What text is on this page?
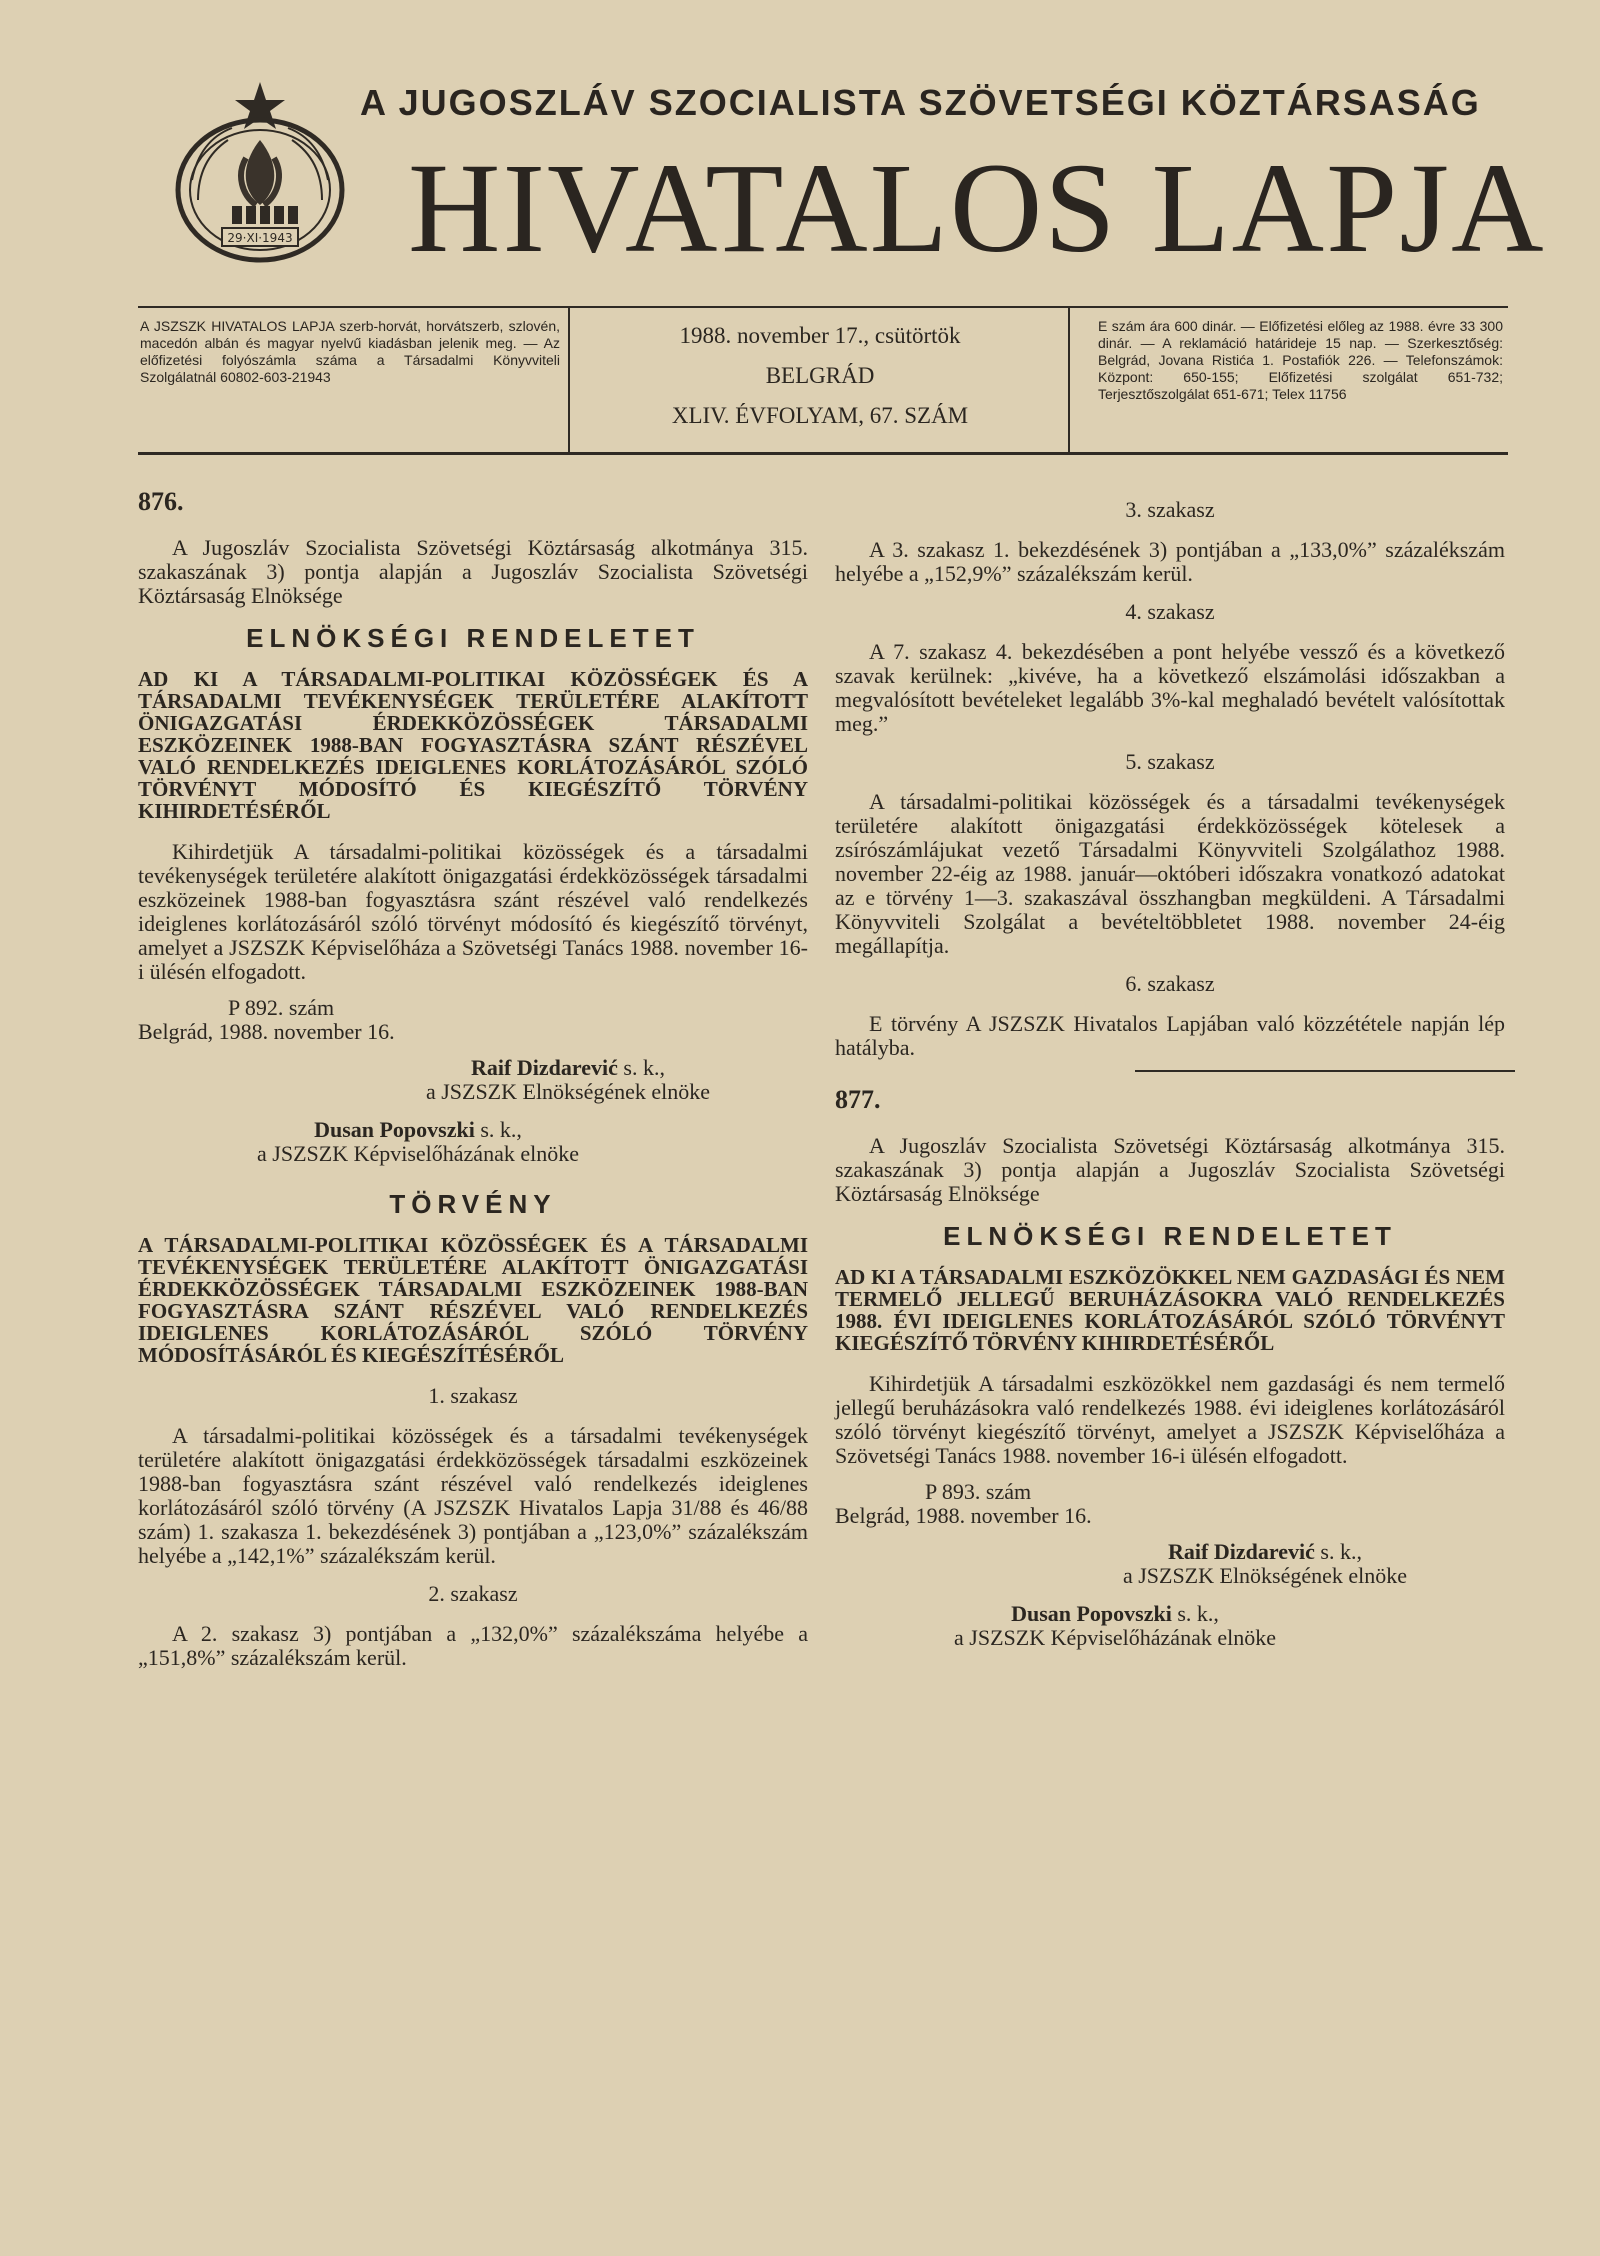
29·XI·1943
A JUGOSZLÁV SZOCIALISTA SZÖVETSÉGI KÖZTÁRSASÁG
HIVATALOS LAPJA
A JSZSZK HIVATALOS LAPJA szerb-horvát, horvátszerb, szlovén, macedón albán és magyar nyelvű kiadásban jelenik meg. — Az előfizetési folyószámla száma a Társadalmi Könyvviteli Szolgálatnál 60802-603-21943
1988. november 17., csütörtök
BELGRÁD
XLIV. ÉVFOLYAM, 67. SZÁM
E szám ára 600 dinár. — Előfizetési előleg az 1988. évre 33 300 dinár. — A reklamáció határideje 15 nap. — Szerkesztőség: Belgrád, Jovana Ristića 1. Postafiók 226. — Telefonszámok: Központ: 650-155; Előfizetési szolgálat 651-732; Terjesztőszolgálat 651-671; Telex 11756
876.

A Jugoszláv Szocialista Szövetségi Köztársaság alkotmánya 315. szakaszának 3) pontja alapján a Jugoszláv Szocialista Szövetségi Köztársaság Elnöksége

ELNÖKSÉGI RENDELETET
AD KI A TÁRSADALMI-POLITIKAI KÖZÖSSÉGEK ÉS A TÁRSADALMI TEVÉKENYSÉGEK TERÜLETÉRE ALAKÍTOTT ÖNIGAZGATÁSI ÉRDEKKÖZÖSSÉGEK TÁRSADALMI ESZKÖZEINEK 1988-BAN FOGYASZTÁSRA SZÁNT RÉSZÉVEL VALÓ RENDELKEZÉS IDEIGLENES KORLÁTOZÁSÁRÓL SZÓLÓ TÖRVÉNYT MÓDOSÍTÓ ÉS KIEGÉSZÍTŐ TÖRVÉNY KIHIRDETÉSÉRŐL

Kihirdetjük A társadalmi-politikai közösségek és a társadalmi tevékenységek területére alakított önigazgatási érdekközösségek társadalmi eszközeinek 1988-ban fogyasztásra szánt részével való rendelkezés ideiglenes korlátozásáról szóló törvényt módosító és kiegészítő törvényt, amelyet a JSZSZK Képviselőháza a Szövetségi Tanács 1988. november 16-i ülésén elfogadott.

P 892. szám
Belgrád, 1988. november 16.
Raif Dizdarević s. k.,
a JSZSZK Elnökségének elnöke
Dusan Popovszki s. k.,
a JSZSZK Képviselőházának elnöke
TÖRVÉNY
A TÁRSADALMI-POLITIKAI KÖZÖSSÉGEK ÉS A TÁRSADALMI TEVÉKENYSÉGEK TERÜLETÉRE ALAKÍTOTT ÖNIGAZGATÁSI ÉRDEKKÖZÖSSÉGEK TÁRSADALMI ESZKÖZEINEK 1988-BAN FOGYASZTÁSRA SZÁNT RÉSZÉVEL VALÓ RENDELKEZÉS IDEIGLENES KORLÁTOZÁSÁRÓL SZÓLÓ TÖRVÉNY MÓDOSÍTÁSÁRÓL ÉS KIEGÉSZÍTÉSÉRŐL
1. szakasz

A társadalmi-politikai közösségek és a társadalmi tevékenységek területére alakított önigazgatási érdekközösségek társadalmi eszközeinek 1988-ban fogyasztásra szánt részével való rendelkezés ideiglenes korlátozásáról szóló törvény (A JSZSZK Hivatalos Lapja 31/88 és 46/88 szám) 1. szakasza 1. bekezdésének 3) pontjában a „123,0%” százalékszám helyébe a „142,1%” százalékszám kerül.

2. szakasz

A 2. szakasz 3) pontjában a „132,0%” százalékszáma helyébe a „151,8%” százalékszám kerül.

3. szakasz

A 3. szakasz 1. bekezdésének 3) pontjában a „133,0%” százalékszám helyébe a „152,9%” százalékszám kerül.

4. szakasz

A 7. szakasz 4. bekezdésében a pont helyébe vessző és a következő szavak kerülnek: „kivéve, ha a következő elszámolási időszakban a megvalósított bevételeket legalább 3%-kal meghaladó bevételt valósítottak meg.”

5. szakasz

A társadalmi-politikai közösségek és a társadalmi tevékenységek területére alakított önigazgatási érdekközösségek kötelesek a zsírószámlájukat vezető Társadalmi Könyvviteli Szolgálathoz 1988. november 22-éig az 1988. január—októberi időszakra vonatkozó adatokat az e törvény 1—3. szakaszával összhangban megküldeni. A Társadalmi Könyvviteli Szolgálat a bevételtöbbletet 1988. november 24-éig megállapítja.

6. szakasz

E törvény A JSZSZK Hivatalos Lapjában való közzététele napján lép hatályba.

877.

A Jugoszláv Szocialista Szövetségi Köztársaság alkotmánya 315. szakaszának 3) pontja alapján a Jugoszláv Szocialista Szövetségi Köztársaság Elnöksége

ELNÖKSÉGI RENDELETET
AD KI A TÁRSADALMI ESZKÖZÖKKEL NEM GAZDASÁGI ÉS NEM TERMELŐ JELLEGŰ BERUHÁZÁSOKRA VALÓ RENDELKEZÉS 1988. ÉVI IDEIGLENES KORLÁTOZÁSÁRÓL SZÓLÓ TÖRVÉNYT KIEGÉSZÍTŐ TÖRVÉNY KIHIRDETÉSÉRŐL

Kihirdetjük A társadalmi eszközökkel nem gazdasági és nem termelő jellegű beruházásokra való rendelkezés 1988. évi ideiglenes korlátozásáról szóló törvényt kiegészítő törvényt, amelyet a JSZSZK Képviselőháza a Szövetségi Tanács 1988. november 16-i ülésén elfogadott.

P 893. szám
Belgrád, 1988. november 16.
Raif Dizdarević s. k.,
a JSZSZK Elnökségének elnöke
Dusan Popovszki s. k.,
a JSZSZK Képviselőházának elnöke
